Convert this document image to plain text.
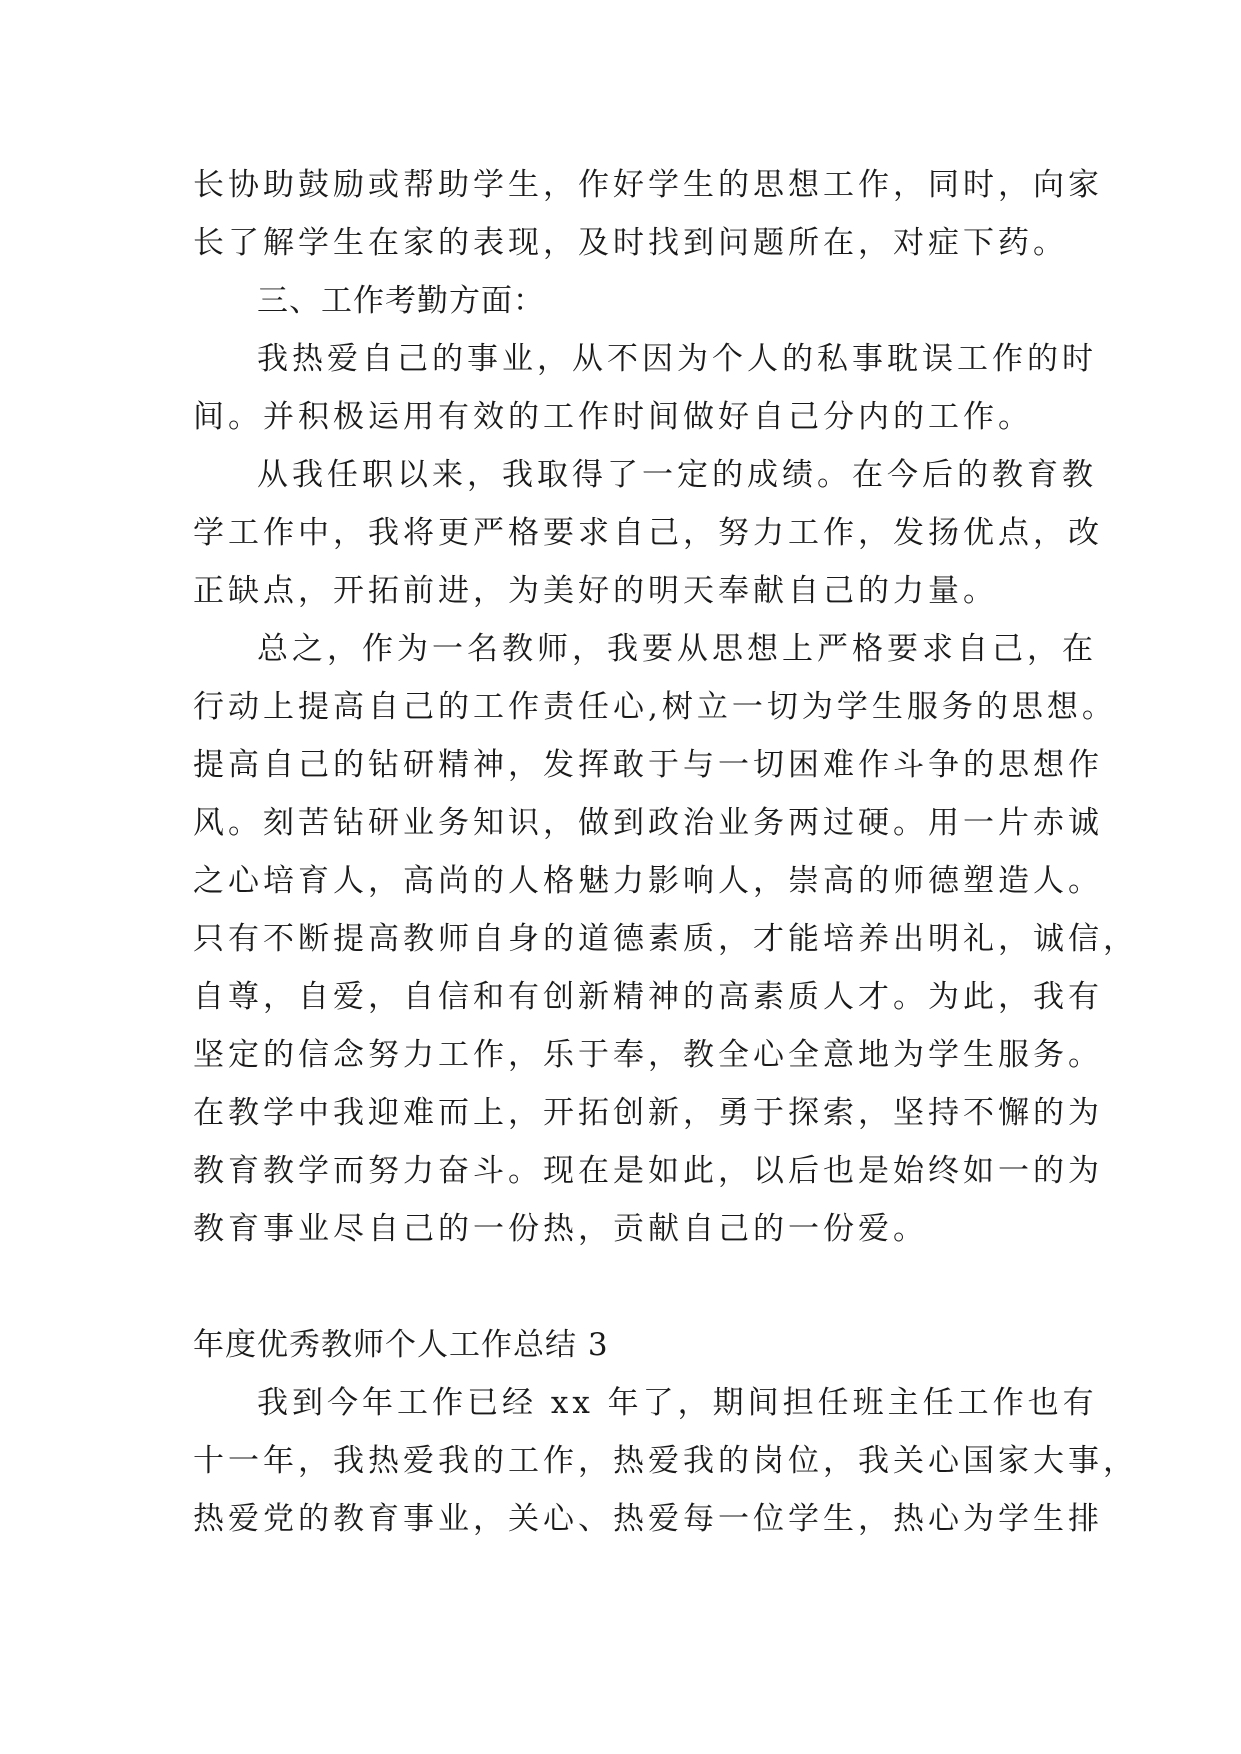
长协助鼓励或帮助学生，作好学生的思想工作，同时，向家
长了解学生在家的表现，及时找到问题所在，对症下药。
三、工作考勤方面：
我热爱自己的事业，从不因为个人的私事耽误工作的时
间。并积极运用有效的工作时间做好自己分内的工作。
从我任职以来，我取得了一定的成绩。在今后的教育教
学工作中，我将更严格要求自己，努力工作，发扬优点，改
正缺点，开拓前进，为美好的明天奉献自己的力量。
总之，作为一名教师，我要从思想上严格要求自己，在
行动上提高自己的工作责任心,树立一切为学生服务的思想。
提高自己的钻研精神，发挥敢于与一切困难作斗争的思想作
风。刻苦钻研业务知识，做到政治业务两过硬。用一片赤诚
之心培育人，高尚的人格魅力影响人，崇高的师德塑造人。
只有不断提高教师自身的道德素质，才能培养出明礼，诚信，
自尊，自爱，自信和有创新精神的高素质人才。为此，我有
坚定的信念努力工作，乐于奉，教全心全意地为学生服务。
在教学中我迎难而上，开拓创新，勇于探索，坚持不懈的为
教育教学而努力奋斗。现在是如此，以后也是始终如一的为
教育事业尽自己的一份热，贡献自己的一份爱。
年度优秀教师个人工作总结 3
我到今年工作已经 xx 年了，期间担任班主任工作也有
十一年，我热爱我的工作，热爱我的岗位，我关心国家大事，
热爱党的教育事业，关心、热爱每一位学生，热心为学生排
